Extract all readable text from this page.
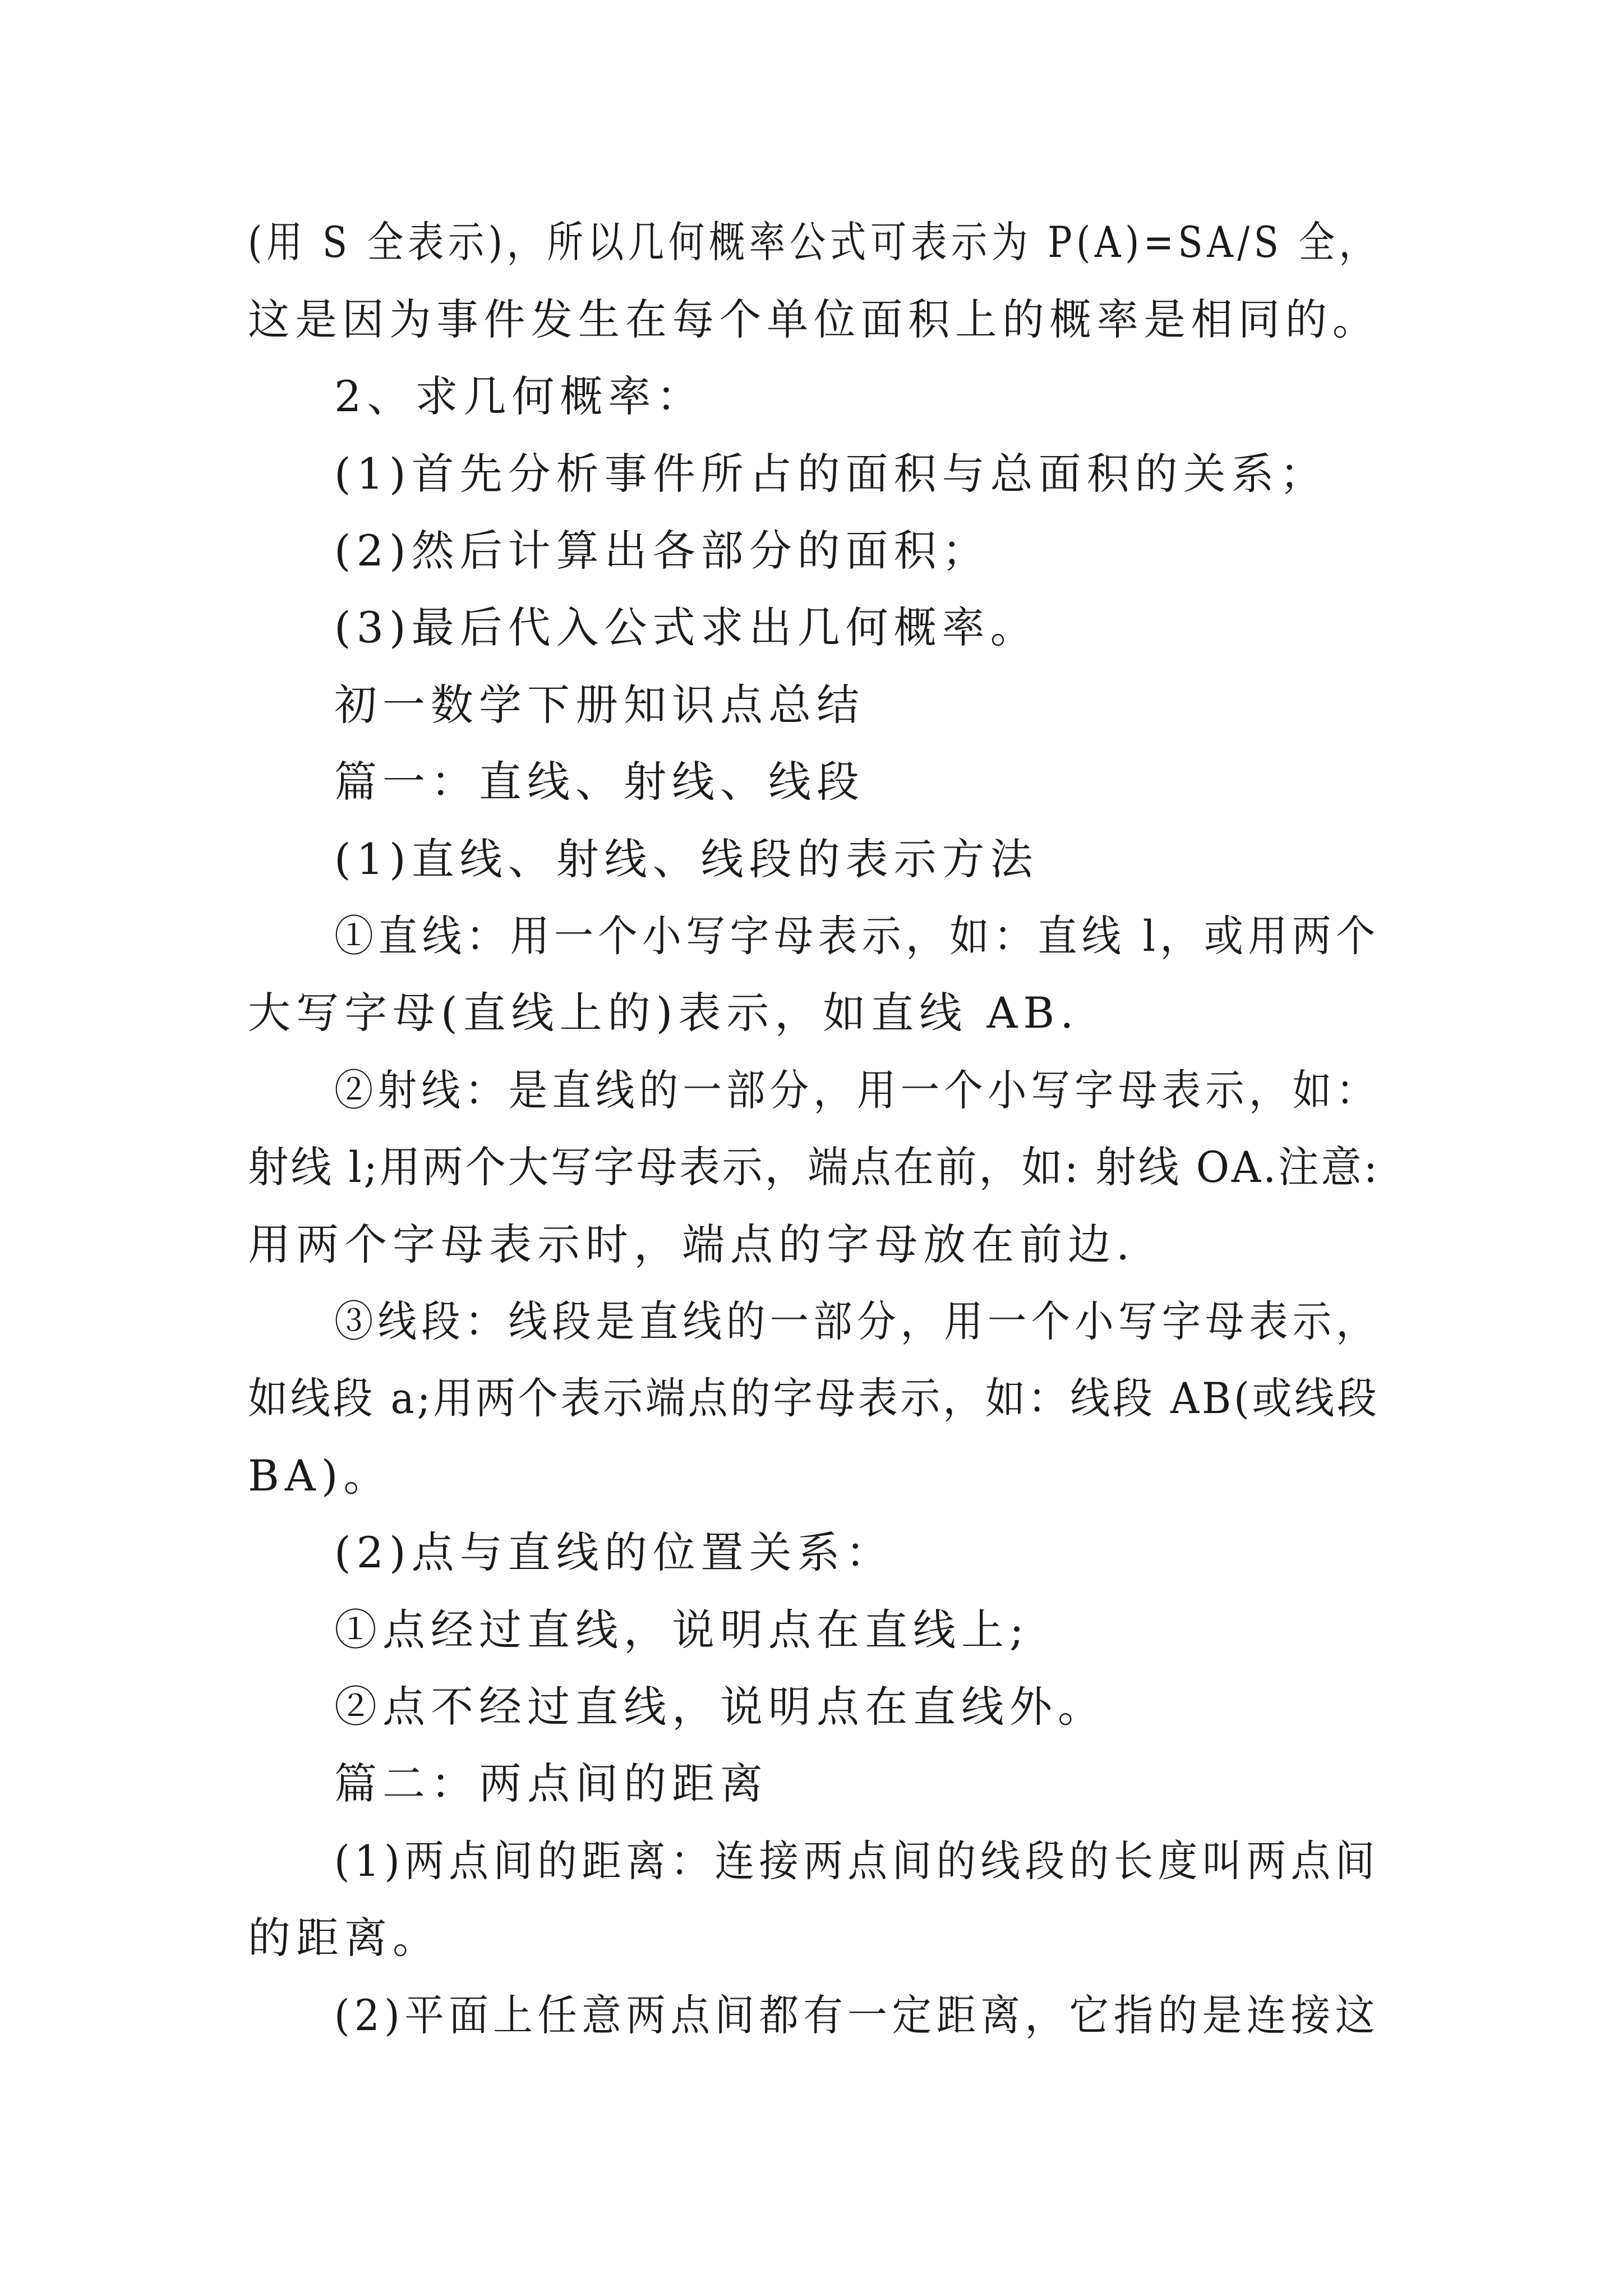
(用 S 全表示)，所以几何概率公式可表示为 P(A)=SA/S 全，
这是因为事件发生在每个单位面积上的概率是相同的。
2、求几何概率：
(1)首先分析事件所占的面积与总面积的关系；
(2)然后计算出各部分的面积；
(3)最后代入公式求出几何概率。
初一数学下册知识点总结
篇一：直线、射线、线段
(1)直线、射线、线段的表示方法
①直线：用一个小写字母表示，如：直线 l，或用两个
大写字母(直线上的)表示，如直线 AB.
②射线：是直线的一部分，用一个小写字母表示，如：
射线 l;用两个大写字母表示，端点在前，如: 射线 OA.注意:
用两个字母表示时，端点的字母放在前边.
③线段：线段是直线的一部分，用一个小写字母表示，
如线段 a;用两个表示端点的字母表示，如：线段 AB(或线段
BA)。
(2)点与直线的位置关系：
①点经过直线，说明点在直线上;
②点不经过直线，说明点在直线外。
篇二：两点间的距离
(1)两点间的距离：连接两点间的线段的长度叫两点间
的距离。
(2)平面上任意两点间都有一定距离，它指的是连接这
